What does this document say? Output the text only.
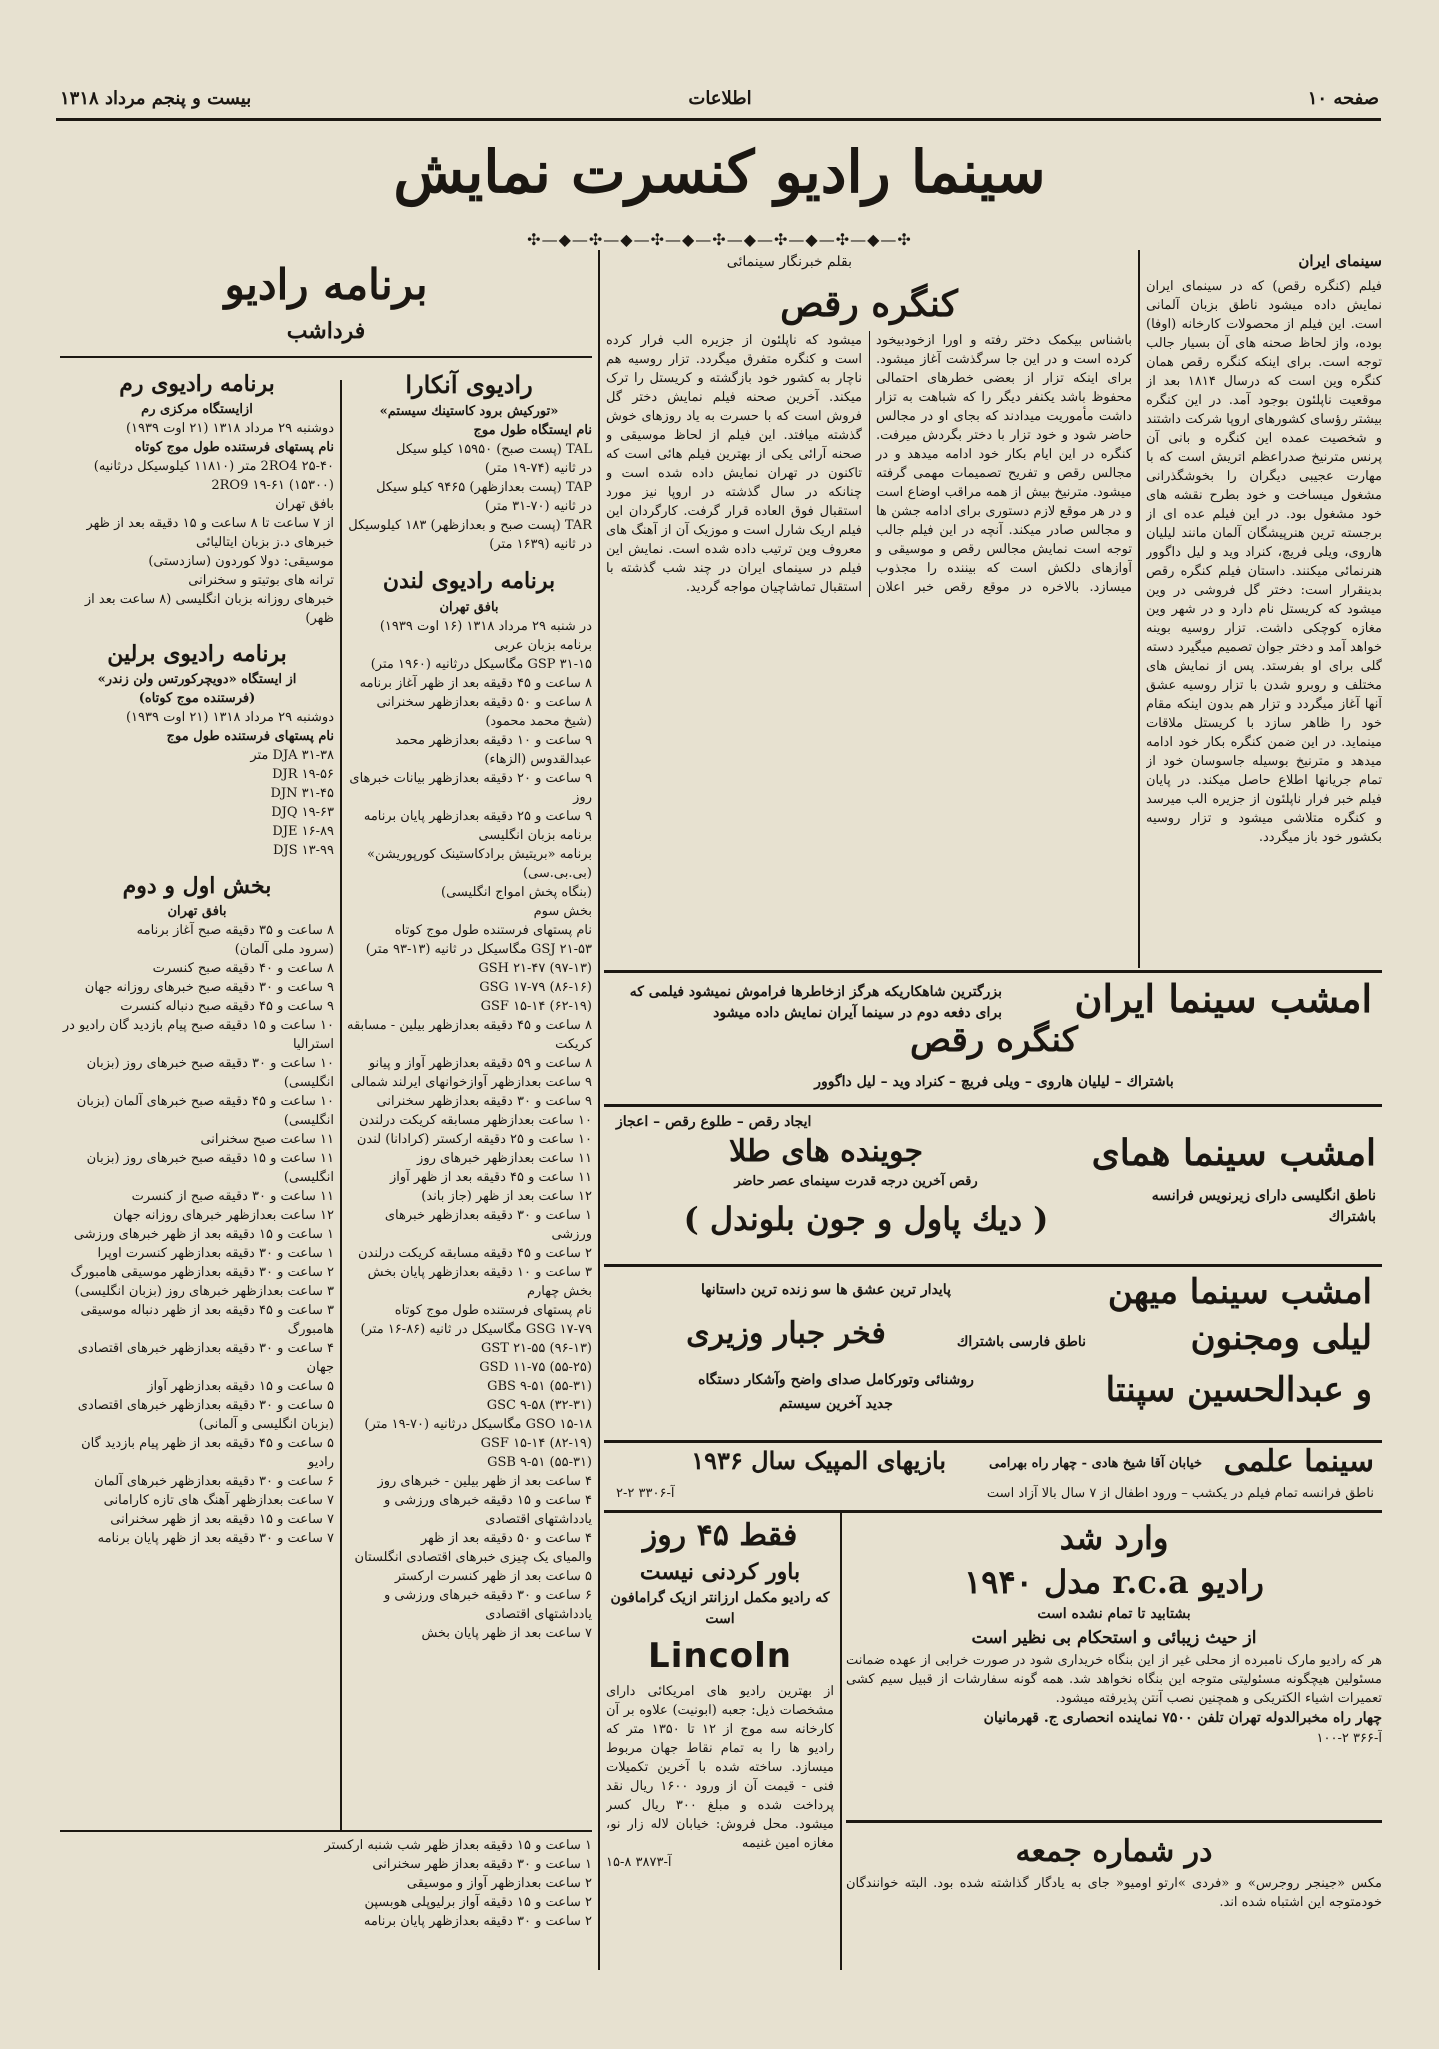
صفحه ۱۰
اطلاعات
بیست و پنجم مرداد ۱۳۱۸
سینما رادیو کنسرت نمایش
✣—◆—✣—◆—✣—◆—✣—◆—✣—◆—✣—◆—✣
سینمای ایران
فیلم (کنگره رقص) که در سینمای ایران نمایش داده میشود ناطق بزبان آلمانی است. این فیلم از محصولات کارخانه (اوفا) بوده، واز لحاظ صحنه های آن بسیار جالب توجه است. برای اینکه کنگره رقص همان کنگره وین است که درسال ۱۸۱۴ بعد از موقعیت ناپلئون بوجود آمد. در این کنگره بیشتر رؤسای کشورهای اروپا شرکت داشتند و شخصیت عمده این کنگره و بانی آن پرنس مترنیخ صدراعظم اتریش است که با مهارت عجیبی دیگران را بخوشگذرانی مشغول میساخت و خود بطرح نقشه های خود مشغول بود. در این فیلم عده ای از برجسته ترین هنرپیشگان آلمان مانند لیلیان هاروی، ویلی فریچ، کنراد وید و لیل داگوور هنرنمائی میکنند. داستان فیلم کنگره رقص بدینقرار است: دختر گل فروشی در وین میشود که کریستل نام دارد و در شهر وین مغازه کوچکی داشت. تزار روسیه بوینه خواهد آمد و دختر جوان تصمیم میگیرد دسته گلی برای او بفرستد. پس از نمایش های مختلف و روبرو شدن با تزار روسیه عشق آنها آغاز میگردد و تزار هم بدون اینکه مقام خود را ظاهر سازد با کریستل ملاقات مینماید. در این ضمن کنگره بکار خود ادامه میدهد و مترنیخ بوسیله جاسوسان خود از تمام جریانها اطلاع حاصل میکند. در پایان فیلم خبر فرار ناپلئون از جزیره الب میرسد و کنگره متلاشی میشود و تزار روسیه بکشور خود باز میگردد.
بقلم خبرنگار سینمائی
کنگره رقص
باشناس بیکمک دختر رفته و اورا ازخودبیخود کرده است و در این جا سرگذشت آغاز میشود. برای اینکه تزار از بعضی خطرهای احتمالی محفوظ باشد یکنفر دیگر را که شباهت به تزار داشت مأموریت میدادند که بجای او در مجالس حاضر شود و خود تزار با دختر بگردش میرفت. کنگره در این ایام بکار خود ادامه میدهد و در مجالس رقص و تفریح تصمیمات مهمی گرفته میشود. مترنیخ بیش از همه مراقب اوضاع است و در هر موقع لازم دستوری برای ادامه جشن ها و مجالس صادر میکند. آنچه در این فیلم جالب توجه است نمایش مجالس رقص و موسیقی و آوازهای دلکش است که بیننده را مجذوب میسازد. بالاخره در موقع رقص خبر اعلان میشود که ناپلئون از جزیره الب فرار کرده است و کنگره متفرق میگردد. تزار روسیه هم ناچار به کشور خود بازگشته و کریستل را ترک میکند. آخرین صحنه فیلم نمایش دختر گل فروش است که با حسرت به یاد روزهای خوش گذشته میافتد. این فیلم از لحاظ موسیقی و صحنه آرائی یکی از بهترین فیلم هائی است که تاکنون در تهران نمایش داده شده است و چنانکه در سال گذشته در اروپا نیز مورد استقبال فوق العاده قرار گرفت. کارگردان این فیلم اریک شارل است و موزیک آن از آهنگ های معروف وین ترتیب داده شده است. نمایش این فیلم در سینمای ایران در چند شب گذشته با استقبال تماشاچیان مواجه گردید.
برنامه رادیو
فرداشب
رادیوی آنکارا
«توركیش برود كاستینك سیستم»
نام ایستگاه طول موج
TAL (پست صبح) ۱۵۹۵۰ کیلو سیکل
در ثانیه (۷۴-۱۹ متر)
TAP (پست بعدازظهر) ۹۴۶۵ کیلو سیکل
در ثانیه (۷۰-۳۱ متر)
TAR (پست صبح و بعدازظهر) ۱۸۳ کیلوسیکل
در ثانیه (۱۶۳۹ متر)
برنامه رادیوی لندن
بافق تهران
در شنبه ۲۹ مرداد ۱۳۱۸ (۱۶ اوت ۱۹۳۹)
برنامه بزبان عربی
GSP ۳۱-۱۵ مگاسیکل درثانیه (۱۹۶۰ متر)
۸ ساعت و ۴۵ دقیقه بعد از ظهر آغاز برنامه
۸ ساعت و ۵۰ دقیقه بعدازظهر سخنرانی (شیخ محمد محمود)
۹ ساعت و ۱۰ دقیقه بعدازظهر محمد عبدالقدوس (الزهاء)
۹ ساعت و ۲۰ دقیقه بعدازظهر بیانات خبرهای روز
۹ ساعت و ۲۵ دقیقه بعدازظهر پایان برنامه
برنامه بزبان انگلیسی
برنامه «بریتیش برادکاستینک کورپوریشن»
(بی.بی.سی)
(بنگاه پخش امواج انگلیسی)
بخش سوم
نام پستهای فرستنده طول موج کوتاه
GSJ ۲۱-۵۳ مگاسیکل در ثانیه (۱۳-۹۳ متر)
GSH ۲۱-۴۷ (۹۷-۱۳)
GSG ۱۷-۷۹ (۸۶-۱۶)
GSF ۱۵-۱۴ (۶۲-۱۹)
۸ ساعت و ۴۵ دقیقه بعدازظهر بیلین - مسابقه کریکت
۸ ساعت و ۵۹ دقیقه بعدازظهر آواز و پیانو
۹ ساعت بعدازظهر آوازخوانهای ایرلند شمالی
۹ ساعت و ۳۰ دقیقه بعدازظهر سخنرانی
۱۰ ساعت بعدازظهر مسابقه کریکت درلندن
۱۰ ساعت و ۲۵ دقیقه ارکستر (کرادانا) لندن
۱۱ ساعت بعدازظهر خبرهای روز
۱۱ ساعت و ۴۵ دقیقه بعد از ظهر آواز
۱۲ ساعت بعد از ظهر (جاز باند)
۱ ساعت و ۳۰ دقیقه بعدازظهر خبرهای ورزشی
۲ ساعت و ۴۵ دقیقه مسابقه کریکت درلندن
۳ ساعت و ۱۰ دقیقه بعدازظهر پایان بخش
بخش چهارم
نام پستهای فرستنده طول موج کوتاه
GSG ۱۷-۷۹ مگاسیکل در ثانیه (۸۶-۱۶ متر)
GST ۲۱-۵۵ (۹۶-۱۳)
GSD ۱۱-۷۵ (۵۵-۲۵)
GBS ۹-۵۱ (۵۵-۳۱)
GSC ۹-۵۸ (۳۲-۳۱)
GSO ۱۵-۱۸ مگاسیکل درثانیه (۷۰-۱۹ متر)
GSF ۱۵-۱۴ (۸۲-۱۹)
GSB ۹-۵۱ (۵۵-۳۱)
۴ ساعت بعد از ظهر بیلین - خبرهای روز
۴ ساعت و ۱۵ دقیقه خبرهای ورزشی و یادداشتهای اقتصادی
۴ ساعت و ۵۰ دقیقه بعد از ظهر
والمیای یک چیزی خبرهای اقتصادی انگلستان
۵ ساعت بعد از ظهر کنسرت ارکستر
۶ ساعت و ۳۰ دقیقه خبرهای ورزشی و یادداشتهای اقتصادی
۷ ساعت بعد از ظهر پایان بخش
برنامه رادیوی رم
ازایستگاه مرکزی رم
دوشنبه ۲۹ مرداد ۱۳۱۸ (۲۱ اوت ۱۹۳۹)
نام پستهای فرستنده طول موج کوتاه
2RO4 ۲۵-۴۰ متر (۱۱۸۱۰ کیلوسیکل درثانیه)
2RO9 ۱۹-۶۱ (۱۵۳۰۰)
بافق تهران
از ۷ ساعت تا ۸ ساعت و ۱۵ دقیقه بعد از ظهر
خبرهای د.ز بزبان ایتالیائی
موسیقی: دولا کوردون (سازدستی)
ترانه های بوتیتو و سخنرانی
خبرهای روزانه بزبان انگلیسی (۸ ساعت بعد از ظهر)
برنامه رادیوی برلین
از ایستگاه «دویچرکورتس ولن زندر»
(فرستنده موج کوتاه)
دوشنبه ۲۹ مرداد ۱۳۱۸ (۲۱ اوت ۱۹۳۹)
نام پستهای فرستنده طول موج
DJA ۳۱-۳۸ متر
DJR ۱۹-۵۶
DJN ۳۱-۴۵
DJQ ۱۹-۶۳
DJE ۱۶-۸۹
DJS ۱۳-۹۹
بخش اول و دوم
بافق تهران
۸ ساعت و ۳۵ دقیقه صبح آغاز برنامه
(سرود ملی آلمان)
۸ ساعت و ۴۰ دقیقه صبح کنسرت
۹ ساعت و ۳۰ دقیقه صبح خبرهای روزانه جهان
۹ ساعت و ۴۵ دقیقه صبح دنباله کنسرت
۱۰ ساعت و ۱۵ دقیقه صبح پیام بازدید گان رادیو در استرالیا
۱۰ ساعت و ۳۰ دقیقه صبح خبرهای روز (بزبان انگلیسی)
۱۰ ساعت و ۴۵ دقیقه صبح خبرهای آلمان (بزبان انگلیسی)
۱۱ ساعت صبح سخنرانی
۱۱ ساعت و ۱۵ دقیقه صبح خبرهای روز (بزبان انگلیسی)
۱۱ ساعت و ۳۰ دقیقه صبح از کنسرت
۱۲ ساعت بعدازظهر خبرهای روزانه جهان
۱ ساعت و ۱۵ دقیقه بعد از ظهر خبرهای ورزشی
۱ ساعت و ۳۰ دقیقه بعدازظهر کنسرت اوپرا
۲ ساعت و ۳۰ دقیقه بعدازظهر موسیقی هامبورگ
۳ ساعت بعدازظهر خبرهای روز (بزبان انگلیسی)
۳ ساعت و ۴۵ دقیقه بعد از ظهر دنباله موسیقی هامبورگ
۴ ساعت و ۳۰ دقیقه بعدازظهر خبرهای اقتصادی جهان
۵ ساعت و ۱۵ دقیقه بعدازظهر آواز
۵ ساعت و ۳۰ دقیقه بعدازظهر خبرهای اقتصادی (بزبان انگلیسی و آلمانی)
۵ ساعت و ۴۵ دقیقه بعد از ظهر پیام بازدید گان رادیو
۶ ساعت و ۳۰ دقیقه بعدازظهر خبرهای آلمان
۷ ساعت بعدازظهر آهنگ های تازه کارامانی
۷ ساعت و ۱۵ دقیقه بعد از ظهر سخنرانی
۷ ساعت و ۳۰ دقیقه بعد از ظهر پایان برنامه
۱ ساعت و ۱۵ دقیقه بعداز ظهر شب شنبه ارکستر
۱ ساعت و ۳۰ دقیقه بعداز ظهر سخنرانی
۲ ساعت بعدازظهر آواز و موسیقی
۲ ساعت و ۱۵ دقیقه آواز برلیوپلی هوبسپن
۲ ساعت و ۳۰ دقیقه بعدازظهر پایان برنامه
امشب سینما ایران
بزرگترین شاهکاریکه هرگز ازخاطرها فراموش نمیشود فیلمی که برای دفعه دوم در سینما آیران نمایش داده میشود
کنگره رقص
باشتراك – لیلیان هاروی – ویلی فریچ – كنراد وید – لیل داگوور
ایجاد رقص – طلوع رقص – اعجاز
امشب سینما همای
جوینده های طلا
رقص آخرین درجه قدرت سینمای عصر حاضر
ناطق انگلیسی دارای زیرنویس فرانسه باشتراك
( دیك پاول و جون بلوندل )
امشب سینما میهن
پایدار ترین عشق ها سو زنده ترین داستانها
لیلی ومجنون
ناطق فارسی باشتراك
فخر جبار وزیری
و عبدالحسین سپنتا
روشنائی وتورکامل صدای واضح وآشکار دستگاه
جدید آخرین سیستم
سینما علمی
خیابان آقا شیخ هادی - چهار راه بهرامی
بازیهای المپیک سال ۱۹۳۶
ناطق فرانسه تمام فیلم در یکشب – ورود اطفال از ۷ سال بالا آزاد است
آ-۳۳۰۶ ۲-۲
فقط ۴۵ روز
باور کردنی نیست
که رادیو مکمل ارزانتر ازیک گرامافون است
Lincoln
از بهترین رادیو های امریکائی دارای مشخصات ذیل: جعبه (ابونیت) علاوه بر آن کارخانه سه موج از ۱۲ تا ۱۳۵۰ متر که رادیو ها را به تمام نقاط جهان مربوط میسازد. ساخته شده با آخرین تکمیلات فنی - قیمت آن از ورود ۱۶۰۰ ریال نقد پرداخت شده و مبلغ ۳۰۰ ریال کسر میشود. محل فروش: خیابان لاله زار نو، مغازه امین غنیمه
آ-۳۸۷۳ ۸-۱۵
وارد شد
رادیو r.c.a مدل ۱۹۴۰
بشتابید تا تمام نشده است
از حیث زیبائی و استحکام بی نظیر است
هر که رادیو مارک نامبرده از محلی غیر از این بنگاه خریداری شود در صورت خرابی از عهده ضمانت مسئولین هیچگونه مسئولیتی متوجه این بنگاه نخواهد شد. همه گونه سفارشات از قبیل سیم کشی تعمیرات اشیاء الکتریکی و همچنین نصب آنتن پذیرفته میشود.
چهار راه مخبرالدوله تهران تلفن ۷۵۰۰ نماینده انحصاری ج. قهرمانیان
آ-۳۶۶ ۲-۱۰۰
در شماره جمعه
مکس «جینجر روجرس» و «فردی »ارتو اومیو« جای به یادگار گذاشته شده بود. البته خوانندگان خودمتوجه این اشتباه شده اند.
